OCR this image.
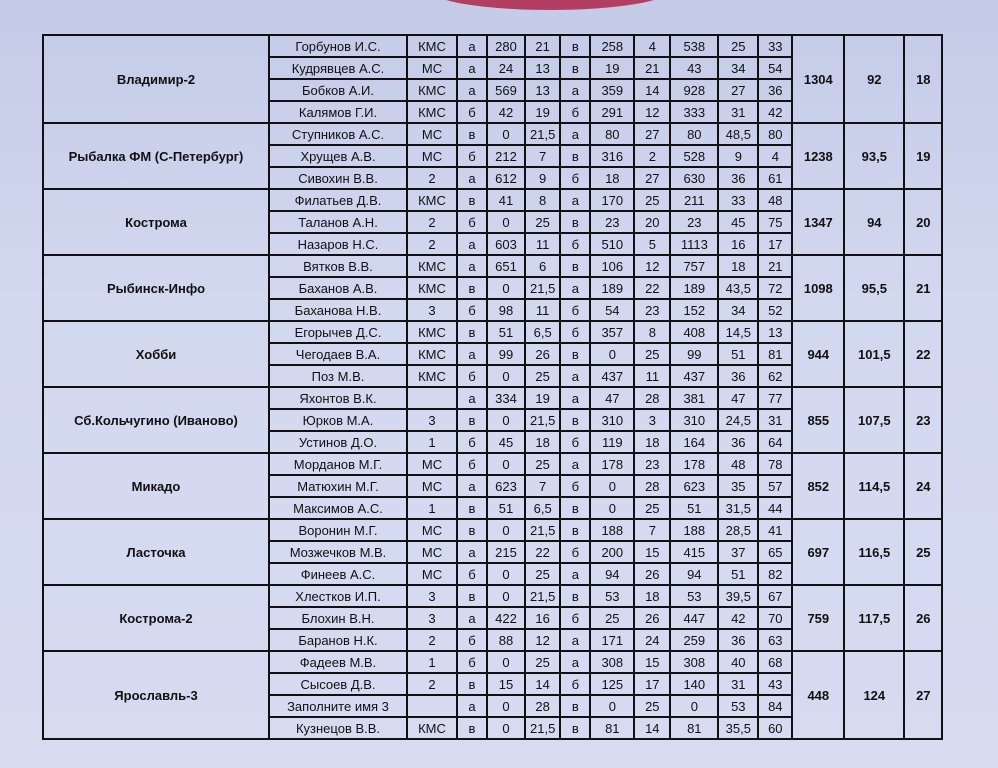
Владимир-2	Горбунов И.С.	КМС	а	280	21	в	258	4	538	25	33	1304	92	18
	Кудрявцев А.С.	МС	а	24	13	в	19	21	43	34	54			
	Бобков А.И.	КМС	а	569	13	а	359	14	928	27	36			
	Калямов Г.И.	КМС	б	42	19	б	291	12	333	31	42			
Рыбалка ФМ (С-Петербург)	Ступников А.С.	МС	в	0	21,5	а	80	27	80	48,5	80	1238	93,5	19
	Хрущев А.В.	МС	б	212	7	в	316	2	528	9	4			
	Сивохин В.В.	2	а	612	9	б	18	27	630	36	61			
Кострома	Филатьев Д.В.	КМС	в	41	8	а	170	25	211	33	48	1347	94	20
	Таланов А.Н.	2	б	0	25	в	23	20	23	45	75			
	Назаров Н.С.	2	а	603	11	б	510	5	1113	16	17			
Рыбинск-Инфо	Вятков В.В.	КМС	а	651	6	в	106	12	757	18	21	1098	95,5	21
	Баханов А.В.	КМС	в	0	21,5	а	189	22	189	43,5	72			
	Баханова Н.В.	3	б	98	11	б	54	23	152	34	52			
Хобби	Егорычев Д.С.	КМС	в	51	6,5	б	357	8	408	14,5	13	944	101,5	22
	Чегодаев В.А.	КМС	а	99	26	в	0	25	99	51	81			
	Поз М.В.	КМС	б	0	25	а	437	11	437	36	62			
Сб.Кольчугино (Иваново)	Яхонтов В.К.		а	334	19	а	47	28	381	47	77	855	107,5	23
	Юрков М.А.	3	в	0	21,5	в	310	3	310	24,5	31			
	Устинов Д.О.	1	б	45	18	б	119	18	164	36	64			
Микадо	Морданов М.Г.	МС	б	0	25	а	178	23	178	48	78	852	114,5	24
	Матюхин М.Г.	МС	а	623	7	б	0	28	623	35	57			
	Максимов А.С.	1	в	51	6,5	в	0	25	51	31,5	44			
Ласточка	Воронин М.Г.	МС	в	0	21,5	в	188	7	188	28,5	41	697	116,5	25
	Мозжечков М.В.	МС	а	215	22	б	200	15	415	37	65			
	Финеев А.С.	МС	б	0	25	а	94	26	94	51	82			
Кострома-2	Хлестков И.П.	3	в	0	21,5	в	53	18	53	39,5	67	759	117,5	26
	Блохин В.Н.	3	а	422	16	б	25	26	447	42	70			
	Баранов Н.К.	2	б	88	12	а	171	24	259	36	63			
Ярославль-3	Фадеев М.В.	1	б	0	25	а	308	15	308	40	68	448	124	27
	Сысоев Д.В.	2	в	15	14	б	125	17	140	31	43			
	Заполните имя 3		а	0	28	в	0	25	0	53	84			
	Кузнецов В.В.	КМС	в	0	21,5	в	81	14	81	35,5	60			
